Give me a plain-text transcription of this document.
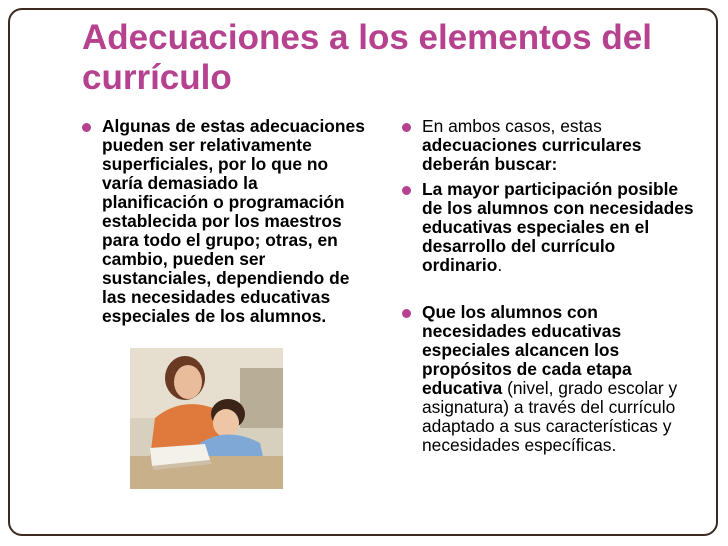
Adecuaciones a los elementos del currículo
Algunas de estas adecuaciones pueden ser relativamente superficiales, por lo que no varía demasiado la planificación o programación establecida por los maestros para todo el grupo; otras, en cambio, pueden ser sustanciales, dependiendo de las necesidades educativas especiales de los alumnos.
En ambos casos, estas adecuaciones curriculares deberán buscar:
La mayor participación posible de los alumnos con necesidades educativas especiales en el desarrollo del currículo ordinario.
Que los alumnos con necesidades educativas especiales alcancen los propósitos de cada etapa educativa (nivel, grado escolar y asignatura) a través del currículo adaptado a sus características y necesidades específicas.
